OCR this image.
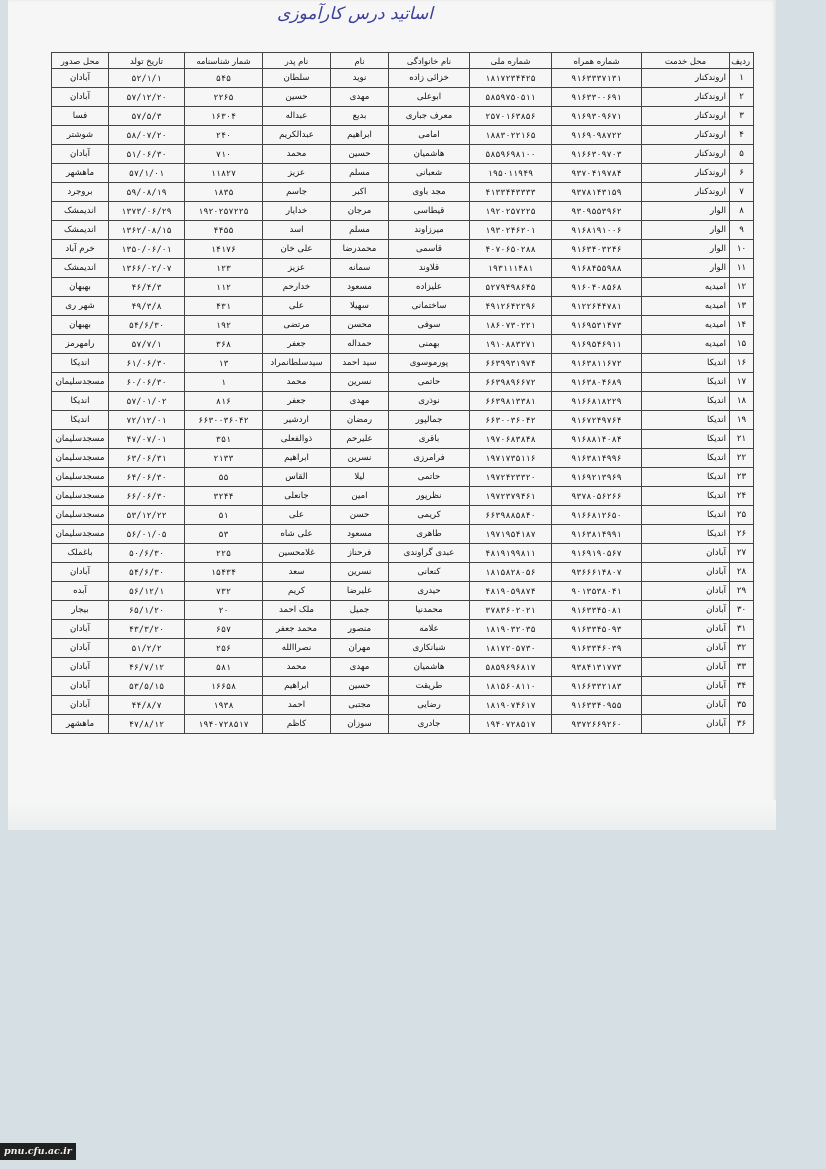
اساتید درس کارآموزی
ردیف	محل خدمت	شماره همراه	شماره ملی	نام خانوادگی	نام	نام پدر	شمار شناسنامه	تاریخ تولد	محل صدور
۱	اروندکنار	۹۱۶۳۳۳۷۱۳۱	۱۸۱۷۲۳۴۴۲۵	خزائی زاده	نوید	سلطان	۵۴۵	۵۲/۱/۱	آبادان
۲	اروندکنار	۹۱۶۳۳۰۰۶۹۱	۵۸۵۹۷۵۰۵۱۱	ابوعلی	مهدی	حسین	۲۲۶۵	۵۷/۱۲/۲۰	آبادان
۳	اروندکنار	۹۱۶۹۳۰۹۶۷۱	۲۵۷۰۱۶۳۸۵۶	معرف جباری	بدیع	عبداله	۱۶۳۰۴	۵۷/۵/۳	فسا
۴	اروندکنار	۹۱۶۹۰۹۸۷۲۲	۱۸۸۳۰۲۲۱۶۵	امامی	ابراهیم	عبدالکریم	۲۴۰	۵۸/۰۷/۲۰	شوشتر
۵	اروندکنار	۹۱۶۶۳۰۹۷۰۳	۵۸۵۹۶۹۸۱۰۰	هاشمیان	حسین	محمد	۷۱۰	۵۱/۰۶/۳۰	آبادان
۶	اروندکنار	۹۳۷۰۴۱۹۷۸۴	۱۹۵۰۱۱۹۴۹	شعبانی	مسلم	عزیز	۱۱۸۲۷	۵۷/۱/۰۱	ماهشهر
۷	اروندکنار	۹۳۷۸۱۴۳۱۵۹	۴۱۳۳۴۴۳۳۳۳	مجد باوی	اکبر	جاسم	۱۸۳۵	۵۹/۰۸/۱۹	بروجرد
۸	الوار	۹۳۰۹۵۵۳۹۶۲	۱۹۲۰۲۵۷۲۲۵	قیطاسی	مرجان	خدایار	۱۹۲۰۲۵۷۲۲۵	۱۳۷۳/۰۶/۲۹	اندیمشک
۹	الوار	۹۱۶۸۱۹۱۰۰۶	۱۹۳۰۲۴۶۲۰۱	میرزاوند	مسلم	اسد	۴۴۵۵	۱۳۶۲/۰۸/۱۵	اندیمشک
۱۰	الوار	۹۱۶۳۴۰۳۲۴۶	۴۰۷۰۶۵۰۲۸۸	قاسمی	محمدرضا	علی خان	۱۴۱۷۶	۱۳۵۰/۰۶/۰۱	خرم آباد
۱۱	الوار	۹۱۶۸۴۵۵۹۸۸	۱۹۳۱۱۱۴۸۱	قلاوند	سمانه	عزیز	۱۲۳	۱۳۶۶/۰۲/۰۷	اندیمشک
۱۲	امیدیه	۹۱۶۰۴۰۸۵۶۸	۵۲۷۹۴۹۸۶۴۵	علیزاده	مسعود	خدارحم	۱۱۲	۴۶/۴/۳	بهبهان
۱۳	امیدیه	۹۱۲۲۶۴۴۷۸۱	۴۹۱۲۶۴۲۲۹۶	ساختمانی	سهیلا	علی	۴۳۱	۴۹/۳/۸	شهر ری
۱۴	امیدیه	۹۱۶۹۵۳۱۴۷۳	۱۸۶۰۷۳۰۲۲۱	سوفی	محسن	مرتضی	۱۹۲	۵۴/۶/۳۰	بهبهان
۱۵	امیدیه	۹۱۶۹۵۴۶۹۱۱	۱۹۱۰۸۸۳۲۷۱	بهمنی	حمداله	جعفر	۳۶۸	۵۷/۷/۱	رامهرمز
۱۶	اندیکا	۹۱۶۳۸۱۱۶۷۲	۶۶۳۹۹۳۱۹۷۴	پورموسوی	سید احمد	سیدسلطانمراد	۱۳	۶۱/۰۶/۳۰	اندیکا
۱۷	اندیکا	۹۱۶۳۸۰۴۶۸۹	۶۶۳۹۸۹۶۶۷۲	حاتمی	نسرین	محمد	۱	۶۰/۰۶/۳۰	مسجدسلیمان
۱۸	اندیکا	۹۱۶۶۸۱۸۲۲۹	۶۶۳۹۸۱۳۳۸۱	نوذری	مهدی	جعفر	۸۱۶	۵۷/۰۱/۰۲	اندیکا
۱۹	اندیکا	۹۱۶۷۲۴۹۷۶۴	۶۶۳۰۰۳۶۰۴۲	جمالپور	رمضان	اردشیر	۶۶۳۰۰۳۶۰۴۲	۷۲/۱۲/۰۱	اندیکا
۲۱	اندیکا	۹۱۶۸۸۱۴۰۸۴	۱۹۷۰۶۸۳۸۴۸	باقری	علیرحم	ذوالفعلی	۳۵۱	۴۷/۰۷/۰۱	مسجدسلیمان
۲۲	اندیکا	۹۱۶۳۸۱۴۹۹۶	۱۹۷۱۷۳۵۱۱۶	فرامرزی	نسرین	ابراهیم	۲۱۳۳	۶۳/۰۶/۳۱	مسجدسلیمان
۲۳	اندیکا	۹۱۶۹۲۱۳۹۶۹	۱۹۷۲۴۲۳۳۲۰	حاتمی	لیلا	القاس	۵۵	۶۴/۰۶/۳۰	مسجدسلیمان
۲۴	اندیکا	۹۳۷۸۰۵۶۲۶۶	۱۹۷۲۳۷۹۴۶۱	نظرپور	امین	جانعلی	۳۲۴۴	۶۶/۰۶/۳۰	مسجدسلیمان
۲۵	اندیکا	۹۱۶۶۸۱۲۶۵۰	۶۶۳۹۸۸۵۸۴۰	کریمی	حسن	علی	۵۱	۵۳/۱۲/۲۲	مسجدسلیمان
۲۶	اندیکا	۹۱۶۳۸۱۴۹۹۱	۱۹۷۱۹۵۴۱۸۷	طاهری	مسعود	علی شاه	۵۳	۵۶/۰۱/۰۵	مسجدسلیمان
۲۷	آبادان	۹۱۶۹۱۹۰۵۶۷	۴۸۱۹۱۹۹۸۱۱	عبدی گراوندی	فرحناز	غلامحسین	۲۲۵	۵۰/۶/۳۰	باغملک
۲۸	آبادان	۹۳۶۶۶۱۴۸۰۷	۱۸۱۵۸۲۸۰۵۶	کنعانی	نسرین	سعد	۱۵۴۳۴	۵۴/۶/۳۰	آبادان
۲۹	آبادان	۹۰۱۳۵۳۸۰۴۱	۴۸۱۹۰۵۹۸۷۴	حیدری	علیرضا	کریم	۷۳۲	۵۶/۱۲/۱	آبده
۳۰	آبادان	۹۱۶۳۳۴۵۰۸۱	۳۷۸۳۶۰۲۰۲۱	محمدنیا	جمیل	ملک احمد	۲۰	۶۵/۱/۲۰	بیجار
۳۱	آبادان	۹۱۶۳۳۴۵۰۹۳	۱۸۱۹۰۳۲۰۳۵	علامه	منصور	محمد جعفر	۶۵۷	۴۳/۳/۲۰	آبادان
۳۲	آبادان	۹۱۶۳۳۴۶۰۳۹	۱۸۱۷۲۰۵۷۳۰	شبانکاری	مهران	نصراالله	۲۵۶	۵۱/۲/۲	آبادان
۳۳	آبادان	۹۳۸۴۱۳۱۷۷۳	۵۸۵۹۶۹۶۸۱۷	هاشمیان	مهدی	محمد	۵۸۱	۴۶/۷/۱۲	آبادان
۳۴	آبادان	۹۱۶۶۳۳۲۱۸۳	۱۸۱۵۶۰۸۱۱۰	طریقت	حسین	ابراهیم	۱۶۶۵۸	۵۳/۵/۱۵	آبادان
۳۵	آبادان	۹۱۶۳۳۴۰۹۵۵	۱۸۱۹۰۷۴۶۱۷	رضایی	مجتبی	احمد	۱۹۳۸	۴۴/۸/۷	آبادان
۳۶	آبادان	۹۳۷۲۶۶۹۲۶۰	۱۹۴۰۷۲۸۵۱۷	جادری	سوزان	کاظم	۱۹۴۰۷۲۸۵۱۷	۴۷/۸/۱۲	ماهشهر
pnu.cfu.ac.ir
